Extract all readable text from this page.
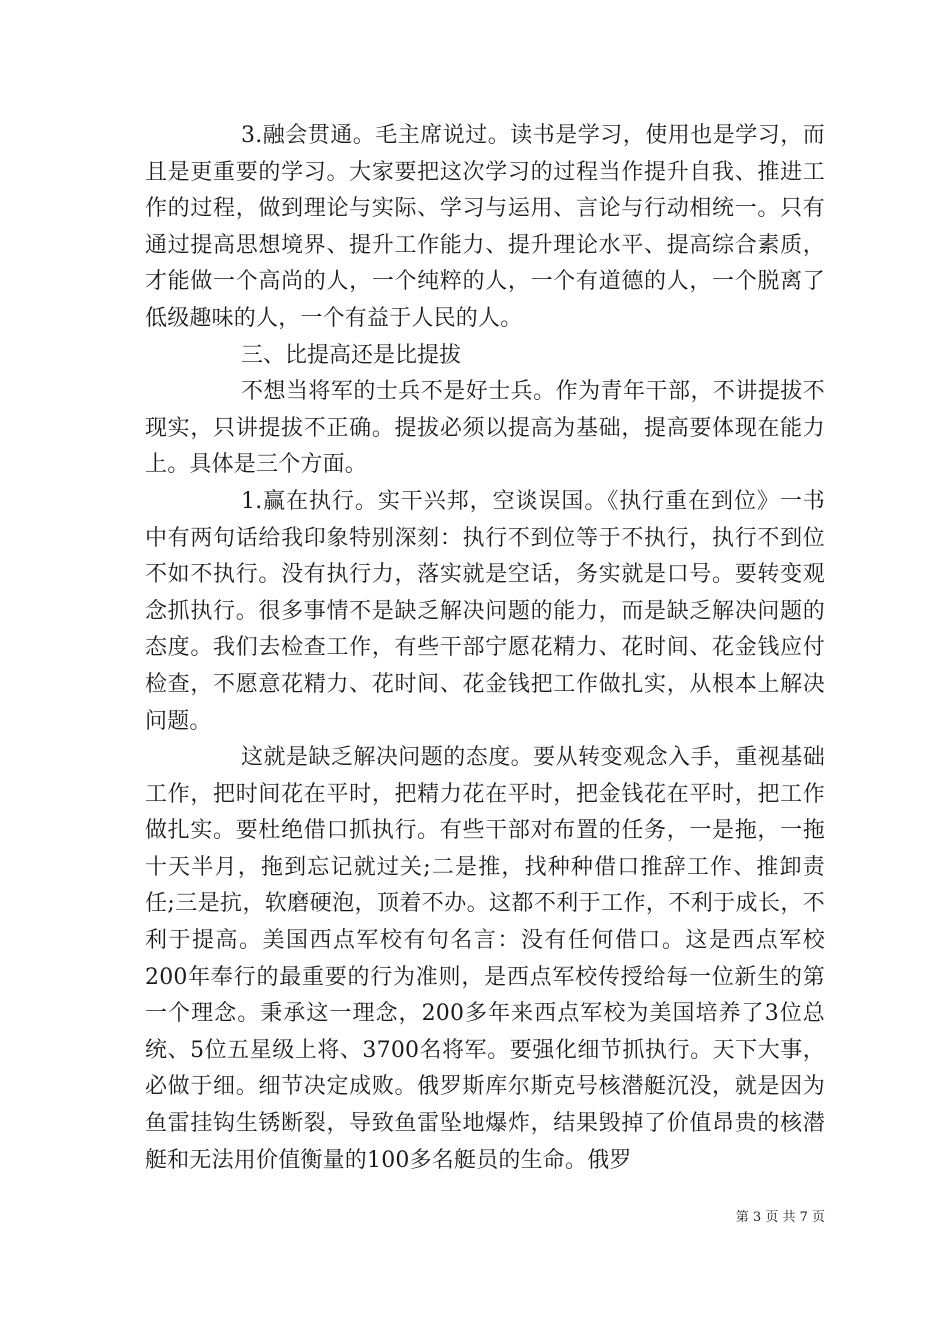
3.融会贯通。毛主席说过。读书是学习，使用也是学习，而且是更重要的学习。大家要把这次学习的过程当作提升自我、推进工作的过程，做到理论与实际、学习与运用、言论与行动相统一。只有通过提高思想境界、提升工作能力、提升理论水平、提高综合素质，才能做一个高尚的人，一个纯粹的人，一个有道德的人，一个脱离了低级趣味的人，一个有益于人民的人。

三、比提高还是比提拔

不想当将军的士兵不是好士兵。作为青年干部，不讲提拔不现实，只讲提拔不正确。提拔必须以提高为基础，提高要体现在能力上。具体是三个方面。

1.赢在执行。实干兴邦，空谈误国。《执行重在到位》一书中有两句话给我印象特别深刻：执行不到位等于不执行，执行不到位不如不执行。没有执行力，落实就是空话，务实就是口号。要转变观念抓执行。很多事情不是缺乏解决问题的能力，而是缺乏解决问题的态度。我们去检查工作，有些干部宁愿花精力、花时间、花金钱应付检查，不愿意花精力、花时间、花金钱把工作做扎实，从根本上解决问题。

这就是缺乏解决问题的态度。要从转变观念入手，重视基础工作，把时间花在平时，把精力花在平时，把金钱花在平时，把工作做扎实。要杜绝借口抓执行。有些干部对布置的任务，一是拖，一拖十天半月，拖到忘记就过关;二是推，找种种借口推辞工作、推卸责任;三是抗，软磨硬泡，顶着不办。这都不利于工作，不利于成长，不利于提高。美国西点军校有句名言：没有任何借口。这是西点军校200年奉行的最重要的行为准则，是西点军校传授给每一位新生的第一个理念。秉承这一理念，200多年来西点军校为美国培养了3位总统、5位五星级上将、3700名将军。要强化细节抓执行。天下大事，必做于细。细节决定成败。俄罗斯库尔斯克号核潜艇沉没，就是因为鱼雷挂钩生锈断裂，导致鱼雷坠地爆炸，结果毁掉了价值昂贵的核潜艇和无法用价值衡量的100多名艇员的生命。俄罗

第 3 页 共 7 页
